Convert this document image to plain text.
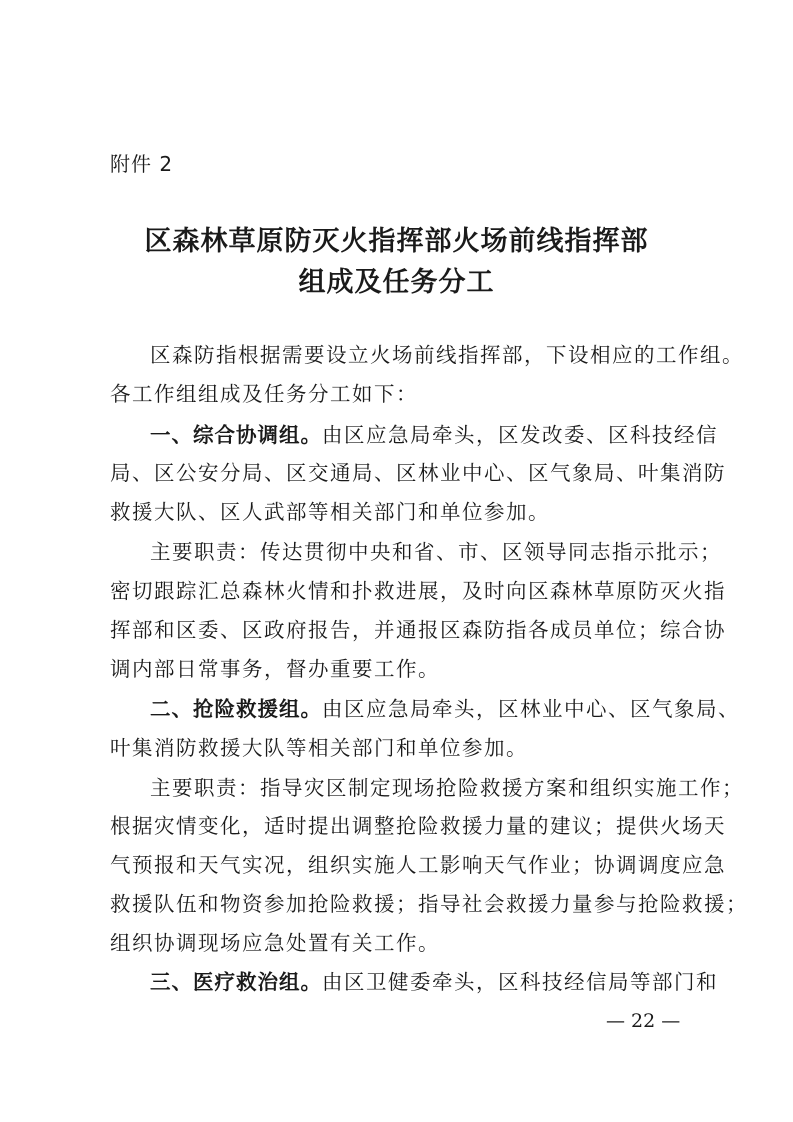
附件 2
区森林草原防灭火指挥部火场前线指挥部
组成及任务分工

区森防指根据需要设立火场前线指挥部，下设相应的工作组。

各工作组组成及任务分工如下：

一、综合协调组。由区应急局牵头，区发改委、区科技经信

局、区公安分局、区交通局、区林业中心、区气象局、叶集消防

救援大队、区人武部等相关部门和单位参加。

主要职责：传达贯彻中央和省、市、区领导同志指示批示；

密切跟踪汇总森林火情和扑救进展，及时向区森林草原防灭火指

挥部和区委、区政府报告，并通报区森防指各成员单位；综合协

调内部日常事务，督办重要工作。

二、抢险救援组。由区应急局牵头，区林业中心、区气象局、

叶集消防救援大队等相关部门和单位参加。

主要职责：指导灾区制定现场抢险救援方案和组织实施工作；

根据灾情变化，适时提出调整抢险救援力量的建议；提供火场天

气预报和天气实况，组织实施人工影响天气作业；协调调度应急

救援队伍和物资参加抢险救援；指导社会救援力量参与抢险救援；

组织协调现场应急处置有关工作。

三、医疗救治组。由区卫健委牵头，区科技经信局等部门和

— 22 —
